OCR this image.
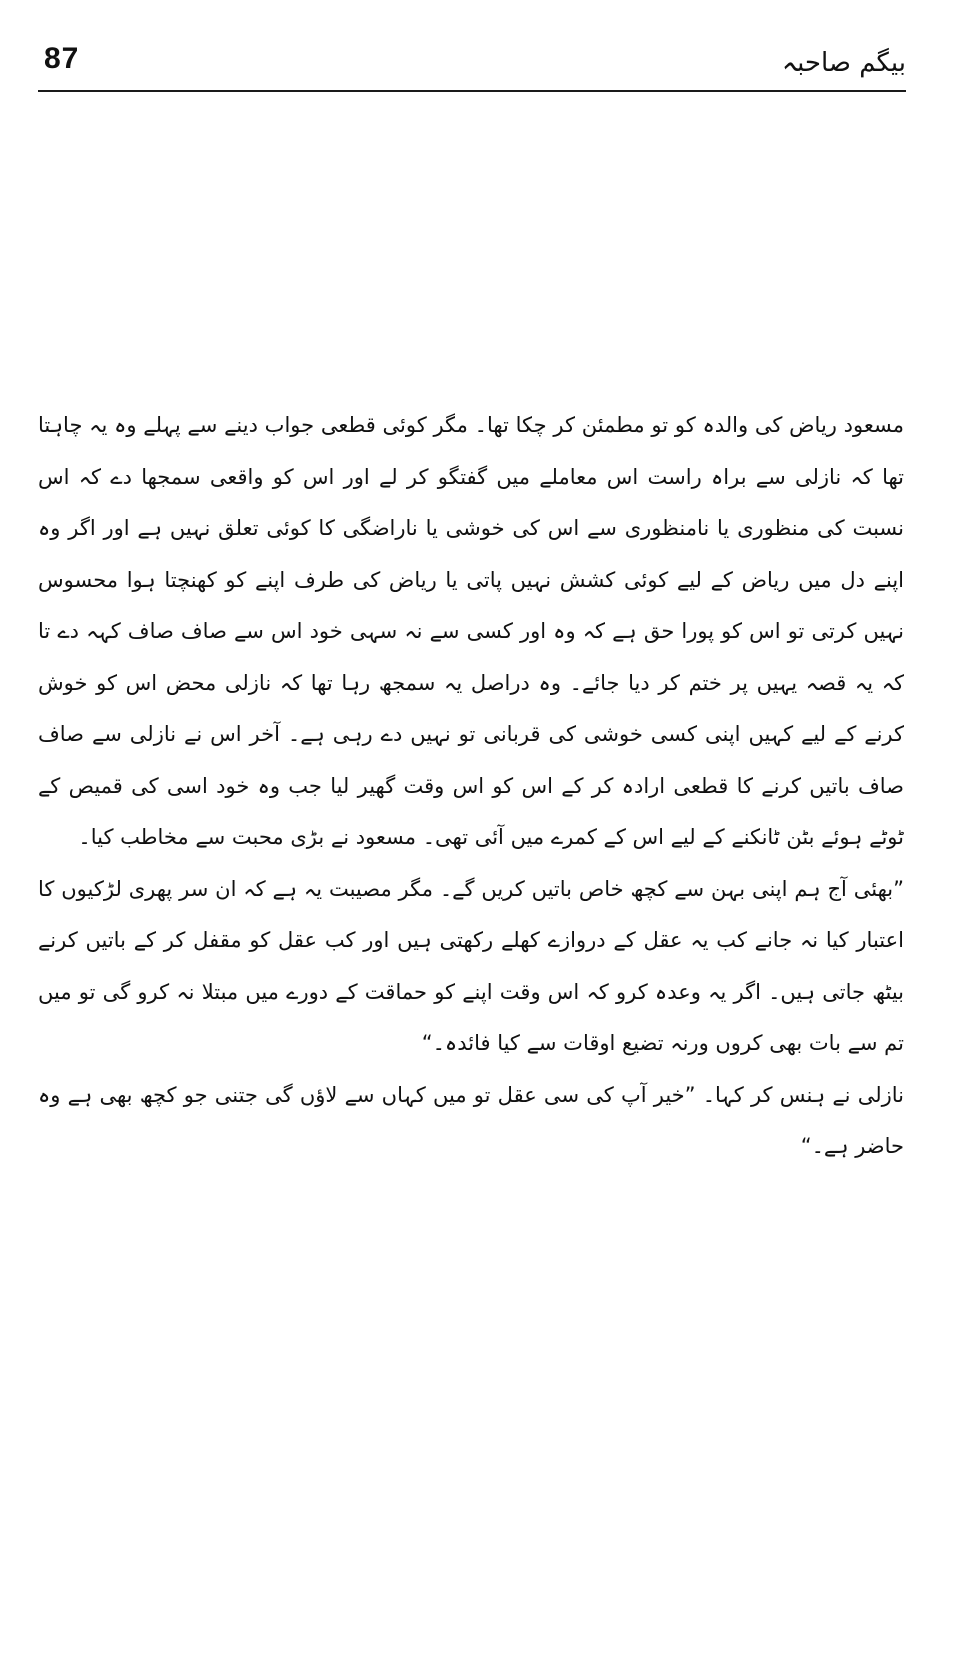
87	بیگم صاحبہ

مسعود ریاض کی والدہ کو تو مطمئن کر چکا تھا۔ مگر کوئی قطعی جواب دینے سے پہلے وہ یہ چاہتا تھا کہ نازلی سے براہ راست اس معاملے میں گفتگو کر لے اور اس کو واقعی سمجھا دے کہ اس نسبت کی منظوری یا نامنظوری سے اس کی خوشی یا ناراضگی کا کوئی تعلق نہیں ہے اور اگر وہ اپنے دل میں ریاض کے لیے کوئی کشش نہیں پاتی یا ریاض کی طرف اپنے کو کھنچتا ہوا محسوس نہیں کرتی تو اس کو پورا حق ہے کہ وہ اور کسی سے نہ سہی خود اس سے صاف صاف کہہ دے تا کہ یہ قصہ یہیں پر ختم کر دیا جائے۔ وہ دراصل یہ سمجھ رہا تھا کہ نازلی محض اس کو خوش کرنے کے لیے کہیں اپنی کسی خوشی کی قربانی تو نہیں دے رہی ہے۔ آخر اس نے نازلی سے صاف صاف باتیں کرنے کا قطعی ارادہ کر کے اس کو اس وقت گھیر لیا جب وہ خود اسی کی قمیص کے ٹوٹے ہوئے بٹن ٹانکنے کے لیے اس کے کمرے میں آئی تھی۔ مسعود نے بڑی محبت سے مخاطب کیا۔

”بھئی آج ہم اپنی بہن سے کچھ خاص باتیں کریں گے۔ مگر مصیبت یہ ہے کہ ان سر پھری لڑکیوں کا اعتبار کیا نہ جانے کب یہ عقل کے دروازے کھلے رکھتی ہیں اور کب عقل کو مقفل کر کے باتیں کرنے بیٹھ جاتی ہیں۔ اگر یہ وعدہ کرو کہ اس وقت اپنے کو حماقت کے دورے میں مبتلا نہ کرو گی تو میں تم سے بات بھی کروں ورنہ تضیع اوقات سے کیا فائدہ۔“

نازلی نے ہنس کر کہا۔ ”خیر آپ کی سی عقل تو میں کہاں سے لاؤں گی جتنی جو کچھ بھی ہے وہ حاضر ہے۔“
